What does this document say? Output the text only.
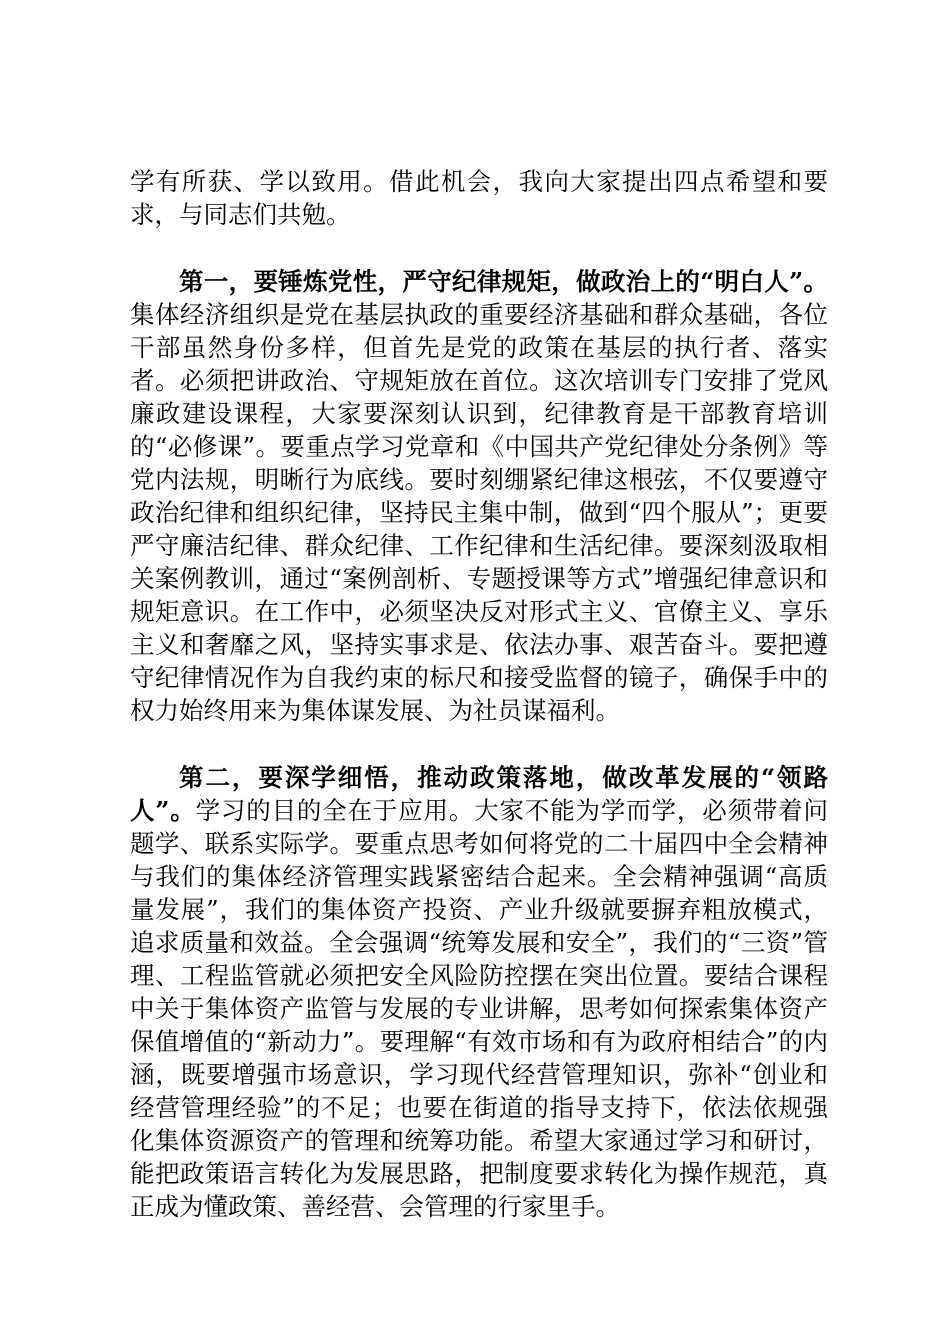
学有所获、学以致用。借此机会，我向大家提出四点希望和要求，与同志们共勉。

第一，要锤炼党性，严守纪律规矩，做政治上的“明白人”。集体经济组织是党在基层执政的重要经济基础和群众基础，各位干部虽然身份多样，但首先是党的政策在基层的执行者、落实者。必须把讲政治、守规矩放在首位。这次培训专门安排了党风廉政建设课程，大家要深刻认识到，纪律教育是干部教育培训的“必修课”。要重点学习党章和《中国共产党纪律处分条例》等党内法规，明晰行为底线。要时刻绷紧纪律这根弦，不仅要遵守政治纪律和组织纪律，坚持民主集中制，做到“四个服从”；更要严守廉洁纪律、群众纪律、工作纪律和生活纪律。要深刻汲取相关案例教训，通过“案例剖析、专题授课等方式”增强纪律意识和规矩意识。在工作中，必须坚决反对形式主义、官僚主义、享乐主义和奢靡之风，坚持实事求是、依法办事、艰苦奋斗。要把遵守纪律情况作为自我约束的标尺和接受监督的镜子，确保手中的权力始终用来为集体谋发展、为社员谋福利。

第二，要深学细悟，推动政策落地，做改革发展的“领路人”。学习的目的全在于应用。大家不能为学而学，必须带着问题学、联系实际学。要重点思考如何将党的二十届四中全会精神与我们的集体经济管理实践紧密结合起来。全会精神强调“高质量发展”，我们的集体资产投资、产业升级就要摒弃粗放模式，追求质量和效益。全会强调“统筹发展和安全”，我们的“三资”管理、工程监管就必须把安全风险防控摆在突出位置。要结合课程中关于集体资产监管与发展的专业讲解，思考如何探索集体资产保值增值的“新动力”。要理解“有效市场和有为政府相结合”的内涵，既要增强市场意识，学习现代经营管理知识，弥补“创业和经营管理经验”的不足；也要在街道的指导支持下，依法依规强化集体资源资产的管理和统筹功能。希望大家通过学习和研讨，能把政策语言转化为发展思路，把制度要求转化为操作规范，真正成为懂政策、善经营、会管理的行家里手。
